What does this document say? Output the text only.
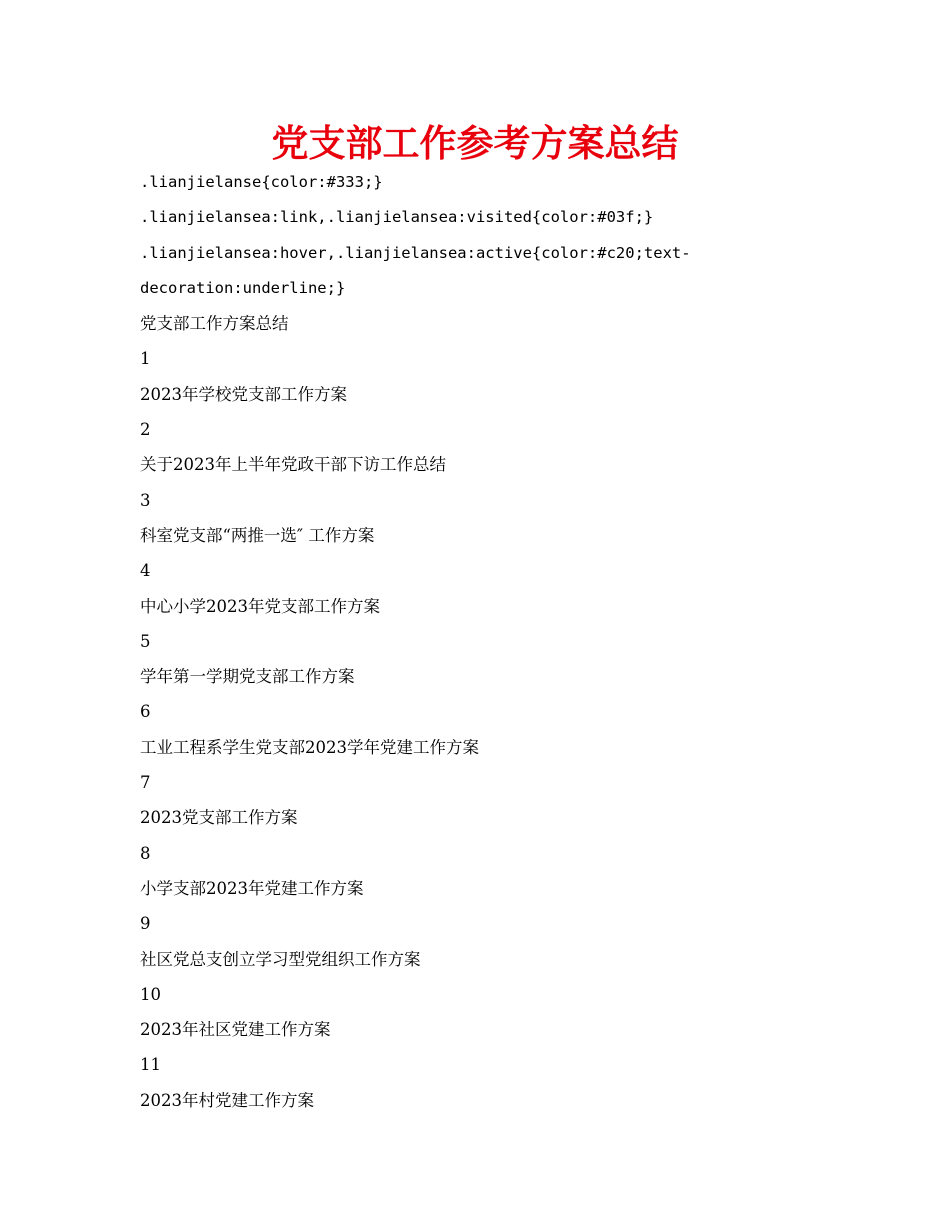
党支部工作参考方案总结

.lianjielanse{color:#333;}

.lianjielansea:link,.lianjielansea:visited{color:#03f;}

.lianjielansea:hover,.lianjielansea:active{color:#c20;text-

decoration:underline;}

党支部工作方案总结

1

2023年学校党支部工作方案

2

关于2023年上半年党政干部下访工作总结

3

科室党支部“两推一选″ 工作方案

4

中心小学2023年党支部工作方案

5

学年第一学期党支部工作方案

6

工业工程系学生党支部2023学年党建工作方案

7

2023党支部工作方案

8

小学支部2023年党建工作方案

9

社区党总支创立学习型党组织工作方案

10

2023年社区党建工作方案

11

2023年村党建工作方案
